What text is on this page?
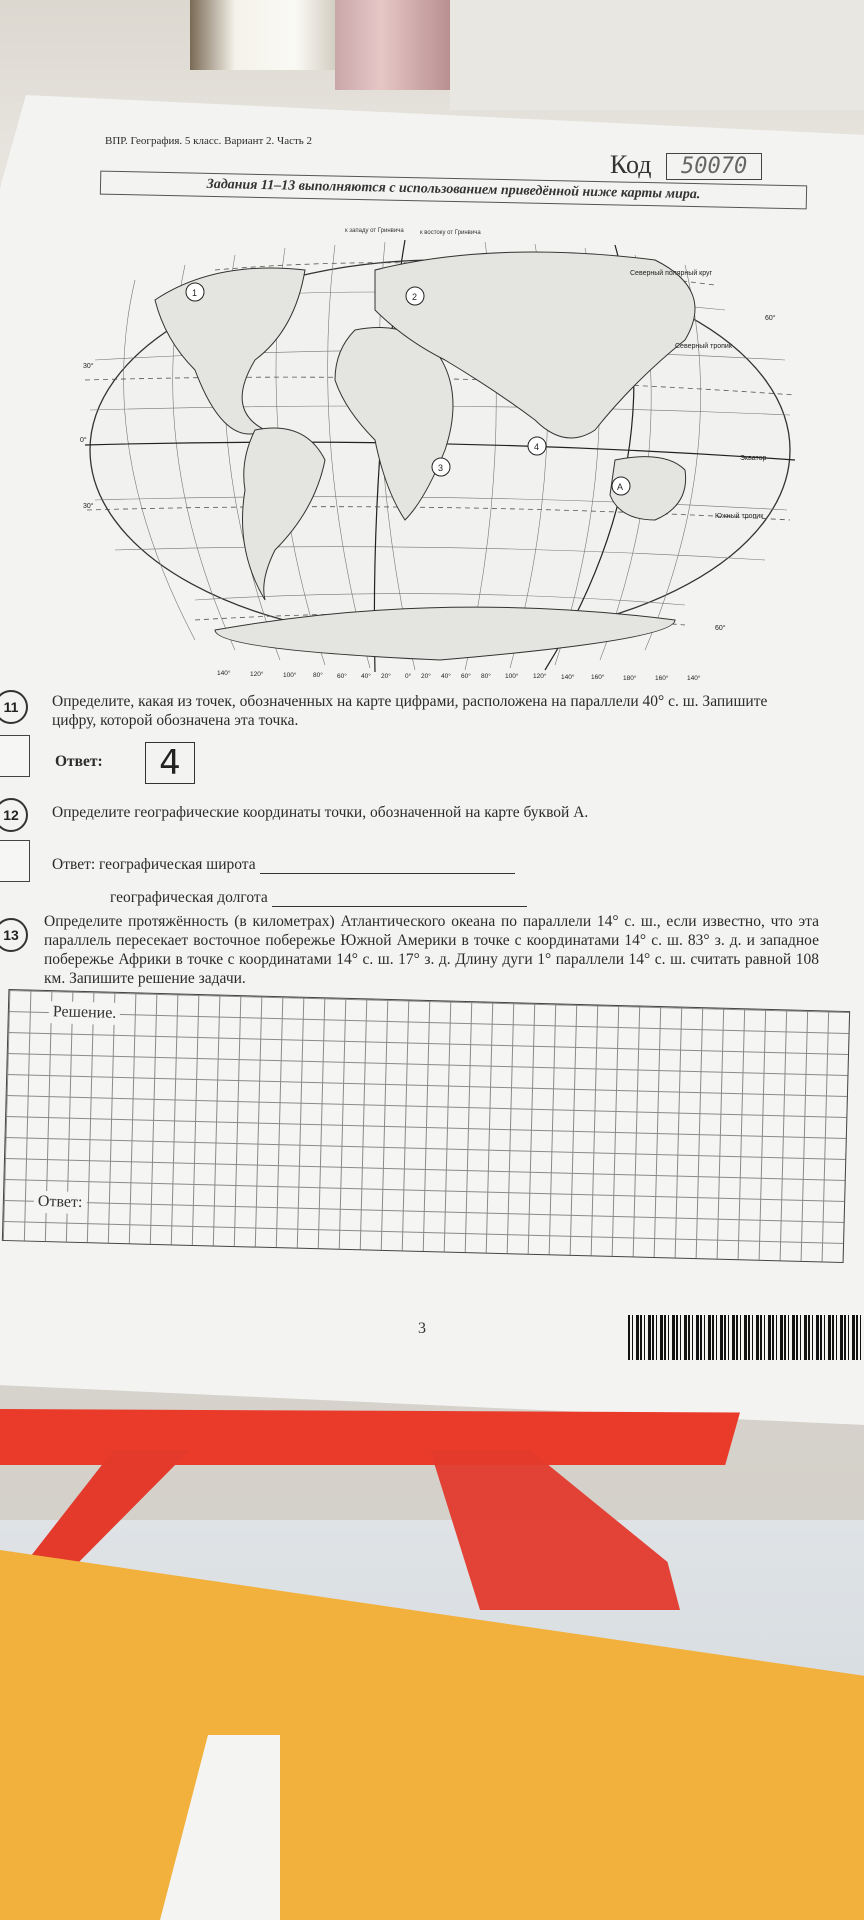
ВПР. География. 5 класс. Вариант 2. Часть 2
Код 50070
Задания 11–13 выполняются с использованием приведённой ниже карты мира.
к западу от Гринвича	к востоку от Гринвича
1	2
3
4
A
Северный тропик
Экватор
Южный тропик
Северный полярный круг
0°
30°
30°
60°
60°
140°	120°	100°	80° 60° 40° 20° 0° 20° 40° 60° 80° 100° 120° 140°	160°	180°	160°	140°
11	Определите, какая из точек, обозначенных на карте цифрами, расположена на параллели 40° с. ш. Запишите цифру, которой обозначена эта точка.
Ответ:	4
12	Определите географические координаты точки, обозначенной на карте буквой А.
Ответ: географическая широта
географическая долгота
13
Определите протяжённость (в километрах) Атлантического океана по параллели 14° с. ш., если известно, что эта параллель пересекает восточное побережье Южной Америки в точке с координатами 14° с. ш. 83° з. д. и западное побережье Африки в точке с координатами 14° с. ш. 17° з. д. Длину дуги 1° параллели 14° с. ш. считать равной 108 км. Запишите решение задачи.
Решение.
Ответ:
3
